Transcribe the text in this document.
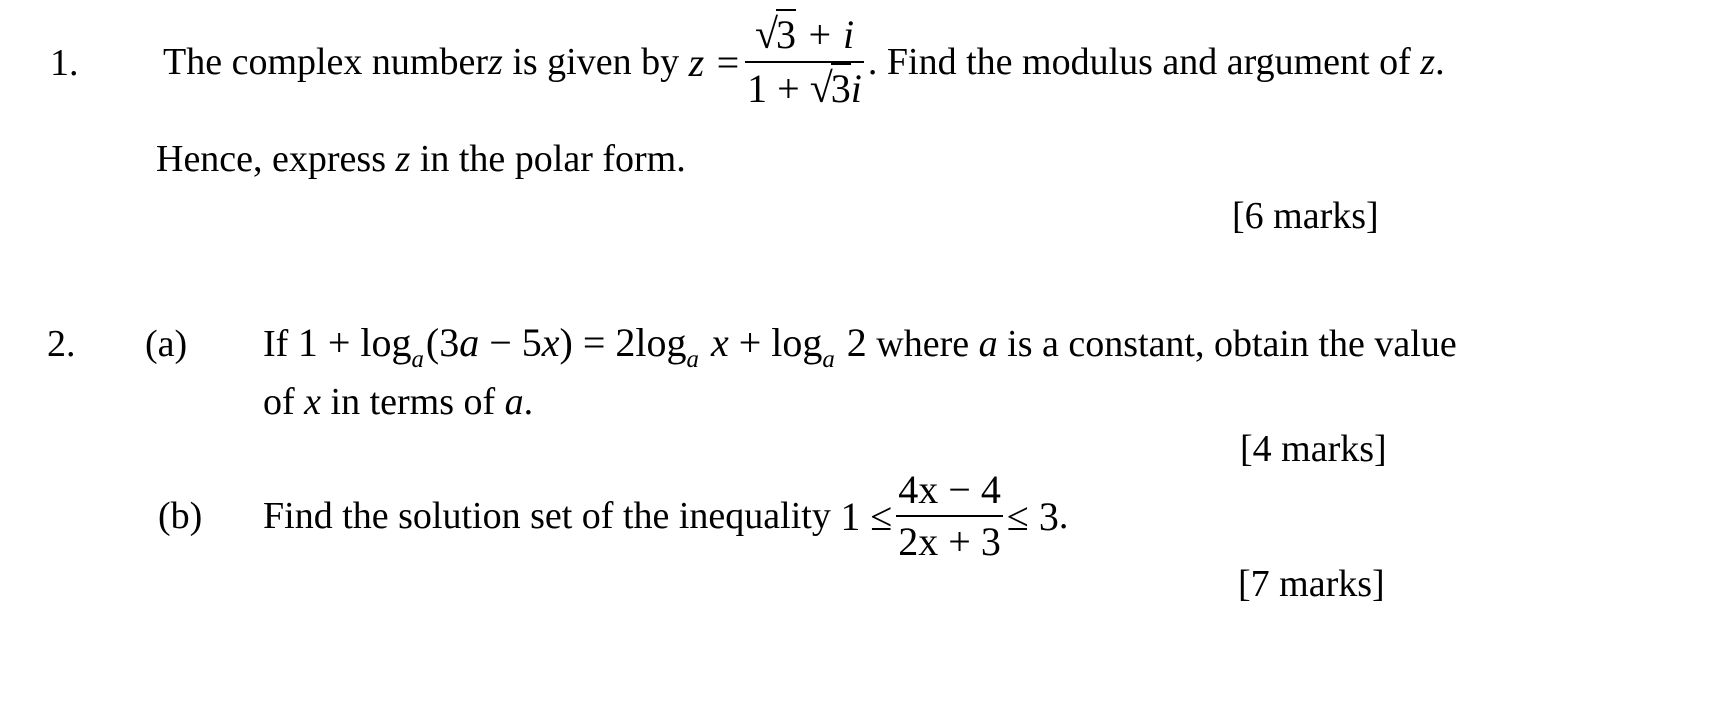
1. The complex number z is given by $z = \frac{√3 + i}{1 + √3i}$ . Find the modulus and argument of z .
Hence, express z in the polar form.
[6 marks]
2. (a) If $1 + \log_a(3a - 5x) = 2\log_a$ $x + \log_a 2$ where a is a constant, obtain the value
of x in terms of a.
[4 marks]
(b) Find the solution set of the inequality $1 \le \frac{4x - 4}{2x + 3} \le 3$ .
[7 marks]
